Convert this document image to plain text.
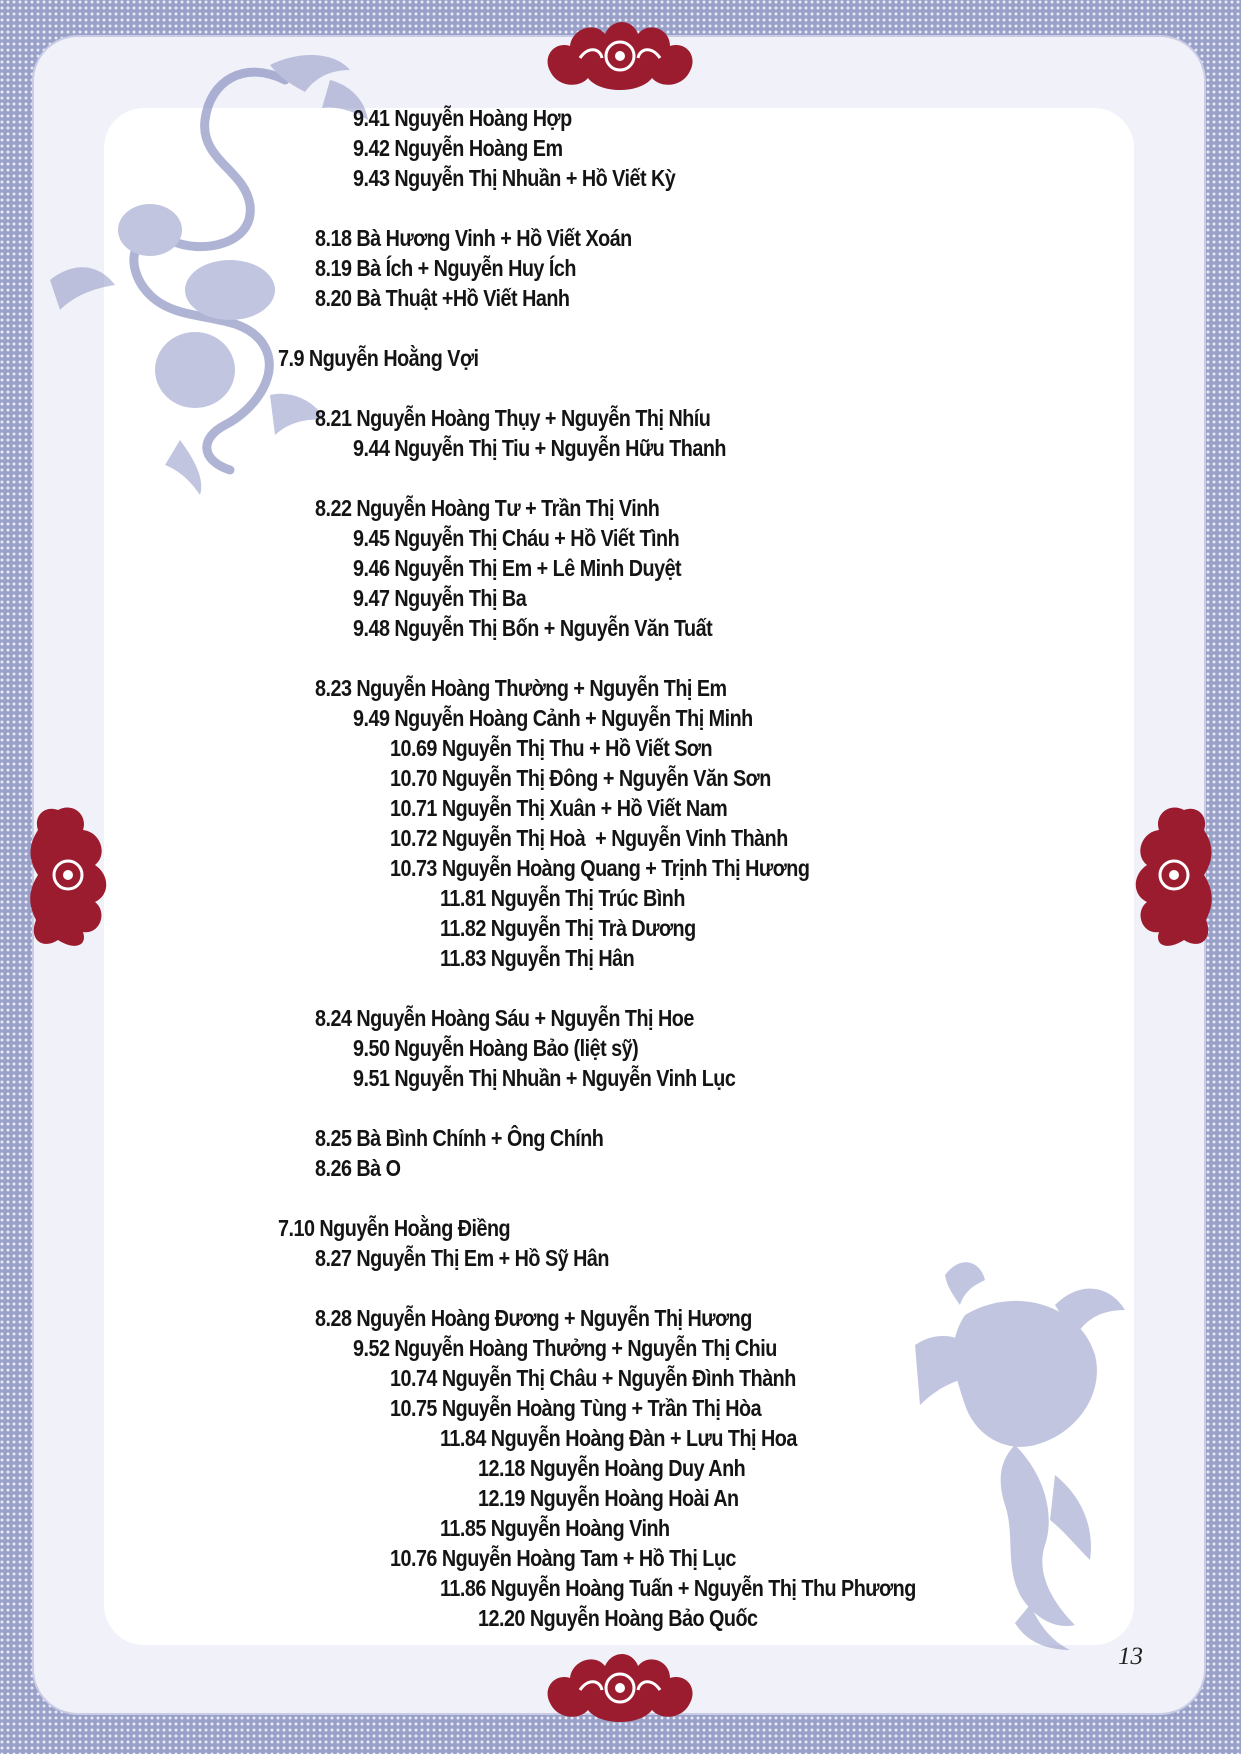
9.41 Nguyễn Hoàng Hợp
9.42 Nguyễn Hoàng Em
9.43 Nguyễn Thị Nhuần + Hồ Viết Kỳ
8.18 Bà Hương Vinh + Hồ Viết Xoán
8.19 Bà Ích + Nguyễn Huy Ích
8.20 Bà Thuật +Hồ Viết Hanh
7.9 Nguyễn Hoằng Vợi
8.21 Nguyễn Hoàng Thụy + Nguyễn Thị Nhíu
9.44 Nguyễn Thị Tiu + Nguyễn Hữu Thanh
8.22 Nguyễn Hoàng Tư + Trần Thị Vinh
9.45 Nguyễn Thị Cháu + Hồ Viết Tình
9.46 Nguyễn Thị Em + Lê Minh Duyệt
9.47 Nguyễn Thị Ba
9.48 Nguyễn Thị Bốn + Nguyễn Văn Tuất
8.23 Nguyễn Hoàng Thường + Nguyễn Thị Em
9.49 Nguyễn Hoàng Cảnh + Nguyễn Thị Minh
10.69 Nguyễn Thị Thu + Hồ Viết Sơn
10.70 Nguyễn Thị Đông + Nguyễn Văn Sơn
10.71 Nguyễn Thị Xuân + Hồ Viết Nam
10.72 Nguyễn Thị Hoà  + Nguyễn Vinh Thành
10.73 Nguyễn Hoàng Quang + Trịnh Thị Hương
11.81 Nguyễn Thị Trúc Bình
11.82 Nguyễn Thị Trà Dương
11.83 Nguyễn Thị Hân
8.24 Nguyễn Hoàng Sáu + Nguyễn Thị Hoe
9.50 Nguyễn Hoàng Bảo (liệt sỹ)
9.51 Nguyễn Thị Nhuần + Nguyễn Vinh Lục
8.25 Bà Bình Chính + Ông Chính
8.26 Bà O
7.10 Nguyễn Hoằng Điềng
8.27 Nguyễn Thị Em + Hồ Sỹ Hân
8.28 Nguyễn Hoàng Đương + Nguyễn Thị Hương
9.52 Nguyễn Hoàng Thưởng + Nguyễn Thị Chiu
10.74 Nguyễn Thị Châu + Nguyễn Đình Thành
10.75 Nguyễn Hoàng Tùng + Trần Thị Hòa
11.84 Nguyễn Hoàng Đàn + Lưu Thị Hoa
12.18 Nguyễn Hoàng Duy Anh
12.19 Nguyễn Hoàng Hoài An
11.85 Nguyễn Hoàng Vinh
10.76 Nguyễn Hoàng Tam + Hồ Thị Lục
11.86 Nguyễn Hoàng Tuấn + Nguyễn Thị Thu Phương
12.20 Nguyễn Hoàng Bảo Quốc
13
